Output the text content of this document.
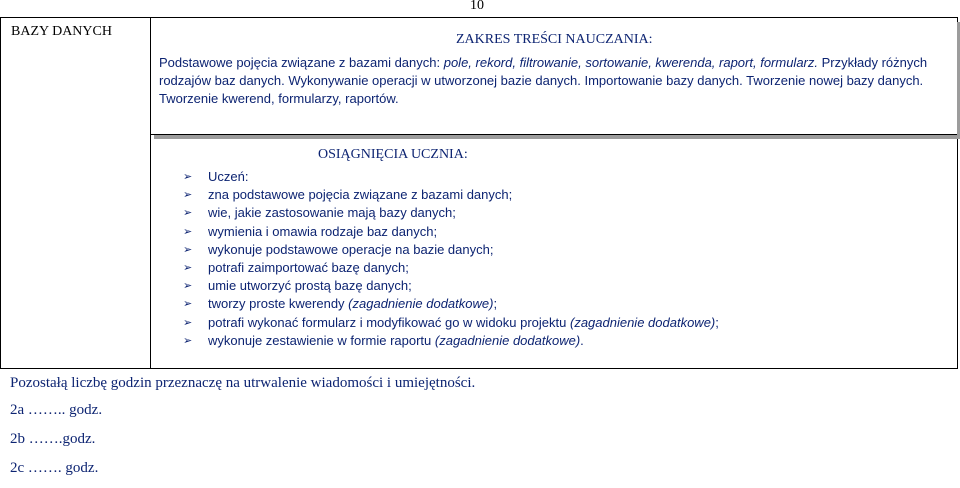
10
BAZY DANYCH
ZAKRES TREŚCI NAUCZANIA:
Podstawowe pojęcia związane z bazami danych: pole, rekord, filtrowanie, sortowanie, kwerenda, raport, formularz. Przykłady różnych rodzajów baz danych. Wykonywanie operacji w utworzonej bazie danych. Importowanie bazy danych. Tworzenie nowej bazy danych. Tworzenie kwerend, formularzy, raportów.
OSIĄGNIĘCIA UCZNIA:
➢ Uczeń:
➢ zna podstawowe pojęcia związane z bazami danych;
➢ wie, jakie zastosowanie mają bazy danych;
➢ wymienia i omawia rodzaje baz danych;
➢ wykonuje podstawowe operacje na bazie danych;
➢ potrafi zaimportować bazę danych;
➢ umie utworzyć prostą bazę danych;
➢ tworzy proste kwerendy (zagadnienie dodatkowe);
➢ potrafi wykonać formularz i modyfikować go w widoku projektu (zagadnienie dodatkowe);
➢ wykonuje zestawienie w formie raportu (zagadnienie dodatkowe).
Pozostałą liczbę godzin przeznaczę na utrwalenie wiadomości i umiejętności.
2a …….. godz.
2b …….godz.
2c ……. godz.
